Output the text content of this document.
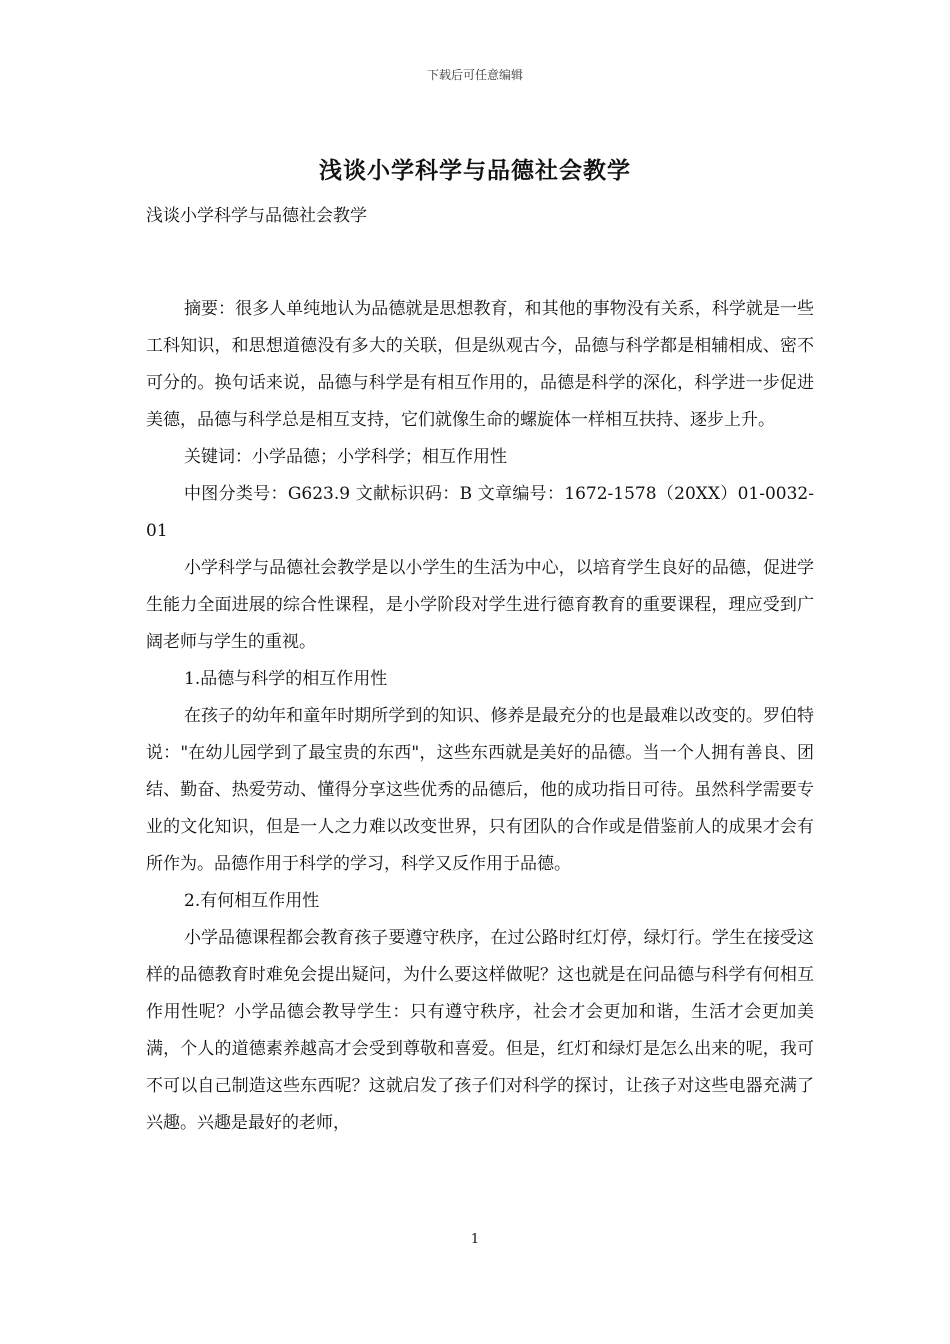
下载后可任意编辑
浅谈小学科学与品德社会教学

浅谈小学科学与品德社会教学

摘要：很多人单纯地认为品德就是思想教育，和其他的事物没有关系，科学就是一些工科知识，和思想道德没有多大的关联，但是纵观古今，品德与科学都是相辅相成、密不可分的。换句话来说，品德与科学是有相互作用的，品德是科学的深化，科学进一步促进美德，品德与科学总是相互支持，它们就像生命的螺旋体一样相互扶持、逐步上升。

关键词：小学品德；小学科学；相互作用性

中图分类号：G623.9 文献标识码：B 文章编号：1672-1578（20XX）01-0032-01

小学科学与品德社会教学是以小学生的生活为中心，以培育学生良好的品德，促进学生能力全面进展的综合性课程，是小学阶段对学生进行德育教育的重要课程，理应受到广阔老师与学生的重视。

1.品德与科学的相互作用性

在孩子的幼年和童年时期所学到的知识、修养是最充分的也是最难以改变的。罗伯特说："在幼儿园学到了最宝贵的东西"，这些东西就是美好的品德。当一个人拥有善良、团结、勤奋、热爱劳动、懂得分享这些优秀的品德后，他的成功指日可待。虽然科学需要专业的文化知识，但是一人之力难以改变世界，只有团队的合作或是借鉴前人的成果才会有所作为。品德作用于科学的学习，科学又反作用于品德。

2.有何相互作用性

小学品德课程都会教育孩子要遵守秩序，在过公路时红灯停，绿灯行。学生在接受这样的品德教育时难免会提出疑问，为什么要这样做呢？这也就是在问品德与科学有何相互作用性呢？小学品德会教导学生：只有遵守秩序，社会才会更加和谐，生活才会更加美满，个人的道德素养越高才会受到尊敬和喜爱。但是，红灯和绿灯是怎么出来的呢，我可不可以自己制造这些东西呢？这就启发了孩子们对科学的探讨，让孩子对这些电器充满了兴趣。兴趣是最好的老师，

1
